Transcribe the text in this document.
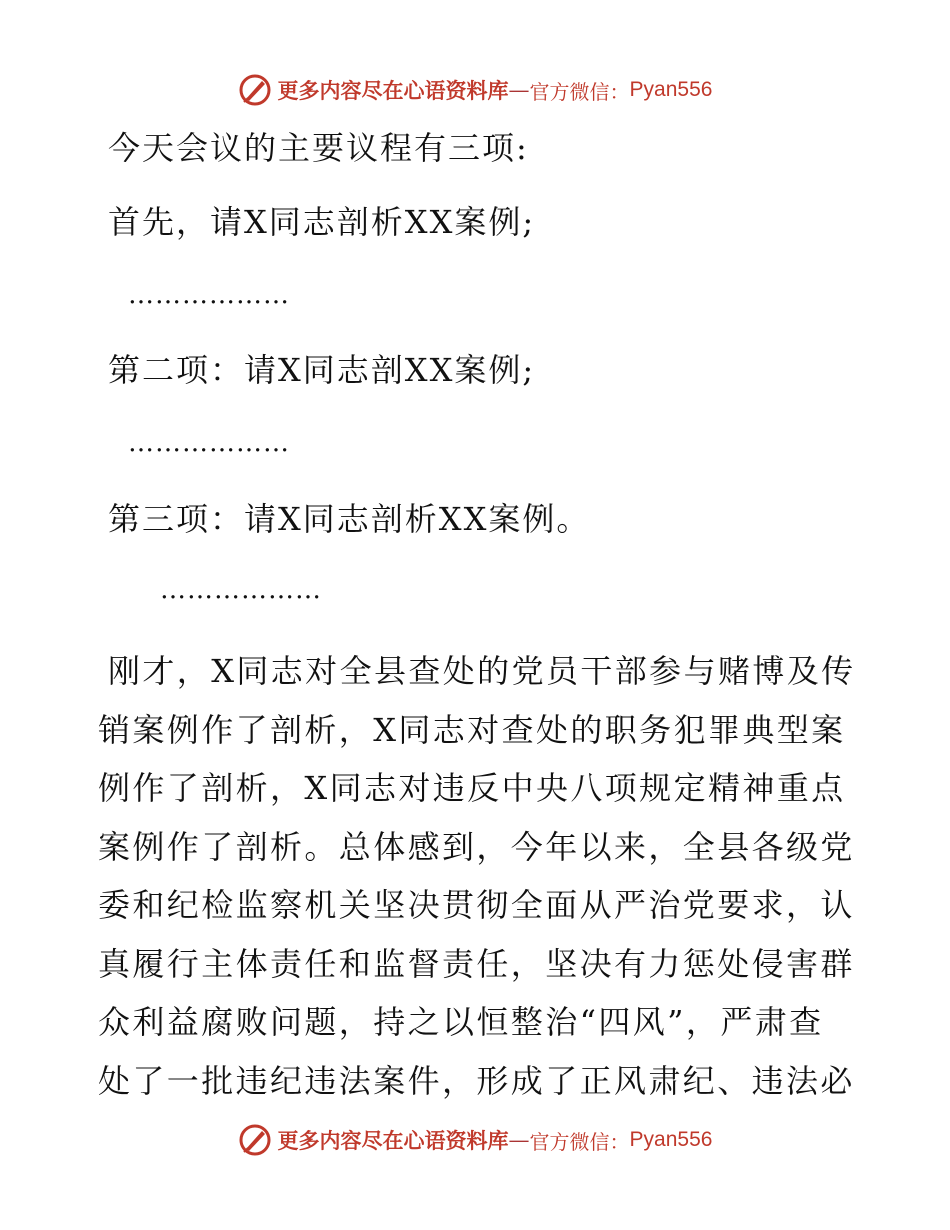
更多内容尽在心语资料库 — 官方微信： Pyan556
今天会议的主要议程有三项:
首先，请X同志剖析XX案例;
………………
第二项：请X同志剖XX案例;
………………
第三项：请X同志剖析XX案例。
………………
刚才，X同志对全县查处的党员干部参与赌博及传
销案例作了剖析，X同志对查处的职务犯罪典型案
例作了剖析，X同志对违反中央八项规定精神重点
案例作了剖析。总体感到，今年以来，全县各级党
委和纪检监察机关坚决贯彻全面从严治党要求，认
真履行主体责任和监督责任，坚决有力惩处侵害群
众利益腐败问题，持之以恒整治“四风”，严肃查
处了一批违纪违法案件，形成了正风肃纪、违法必
更多内容尽在心语资料库 — 官方微信： Pyan556
